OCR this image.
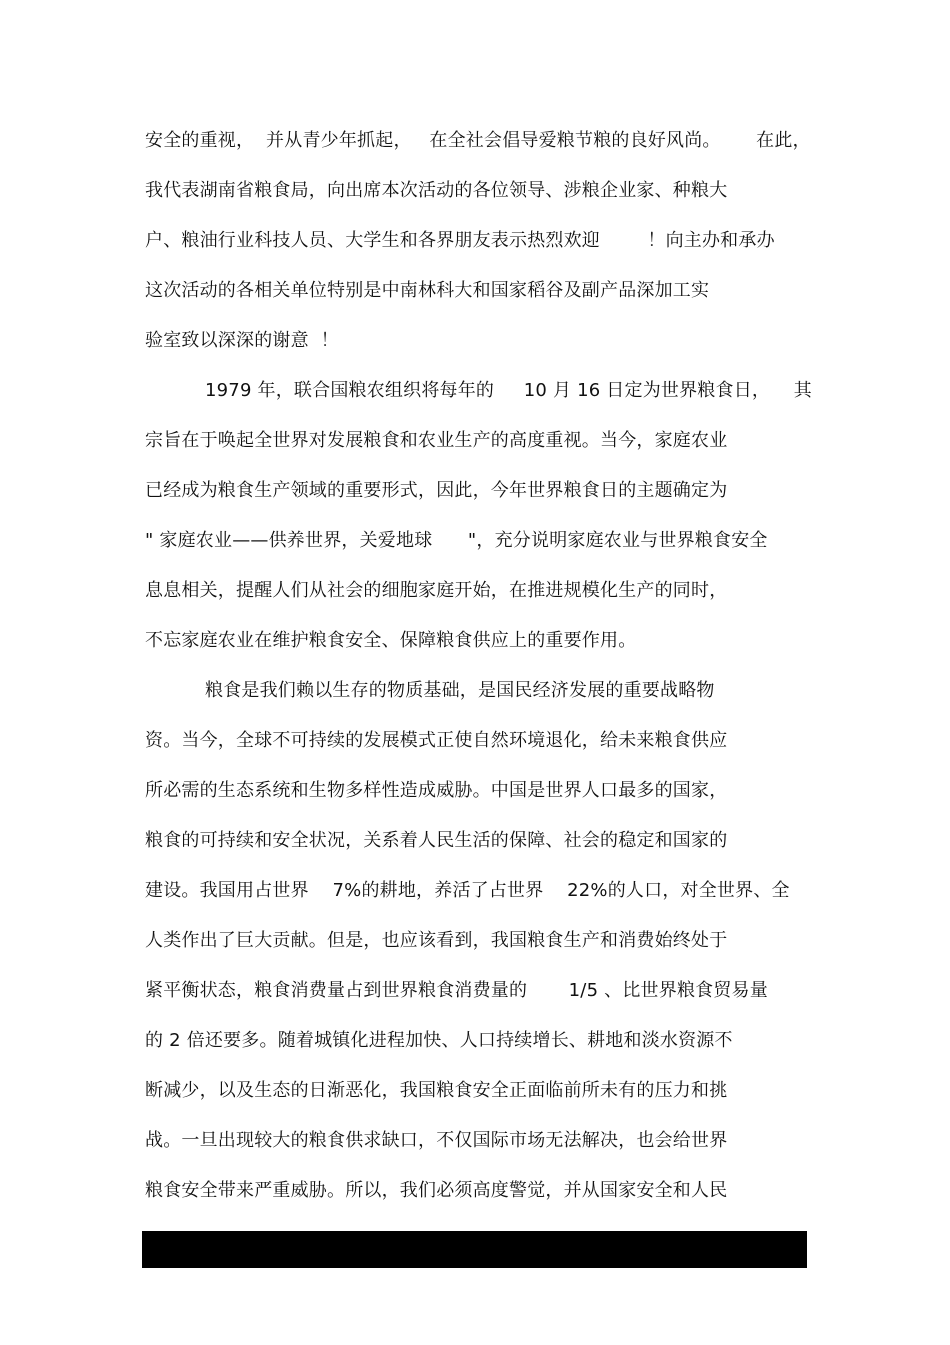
安全的重视，  并从青少年抓起，   在全社会倡导爱粮节粮的良好风尚。      在此，
我代表湖南省粮食局，向出席本次活动的各位领导、涉粮企业家、种粮大
户、粮油行业科技人员、大学生和各界朋友表示热烈欢迎        ！向主办和承办
这次活动的各相关单位特别是中南林科大和国家稻谷及副产品深加工实
验室致以深深的谢意  ！
1979 年，联合国粮农组织将每年的     10 月 16 日定为世界粮食日，    其
宗旨在于唤起全世界对发展粮食和农业生产的高度重视。当今，家庭农业
已经成为粮食生产领域的重要形式，因此，今年世界粮食日的主题确定为
" 家庭农业——供养世界，关爱地球      "，充分说明家庭农业与世界粮食安全
息息相关，提醒人们从社会的细胞家庭开始，在推进规模化生产的同时，
不忘家庭农业在维护粮食安全、保障粮食供应上的重要作用。
粮食是我们赖以生存的物质基础，是国民经济发展的重要战略物
资。当今，全球不可持续的发展模式正使自然环境退化，给未来粮食供应
所必需的生态系统和生物多样性造成威胁。中国是世界人口最多的国家，
粮食的可持续和安全状况，关系着人民生活的保障、社会的稳定和国家的
建设。我国用占世界    7%的耕地，养活了占世界    22%的人口，对全世界、全
人类作出了巨大贡献。但是，也应该看到，我国粮食生产和消费始终处于
紧平衡状态，粮食消费量占到世界粮食消费量的       1/5 、比世界粮食贸易量
的 2 倍还要多。随着城镇化进程加快、人口持续增长、耕地和淡水资源不
断减少，以及生态的日渐恶化，我国粮食安全正面临前所未有的压力和挑
战。一旦出现较大的粮食供求缺口，不仅国际市场无法解决，也会给世界
粮食安全带来严重威胁。所以，我们必须高度警觉，并从国家安全和人民
